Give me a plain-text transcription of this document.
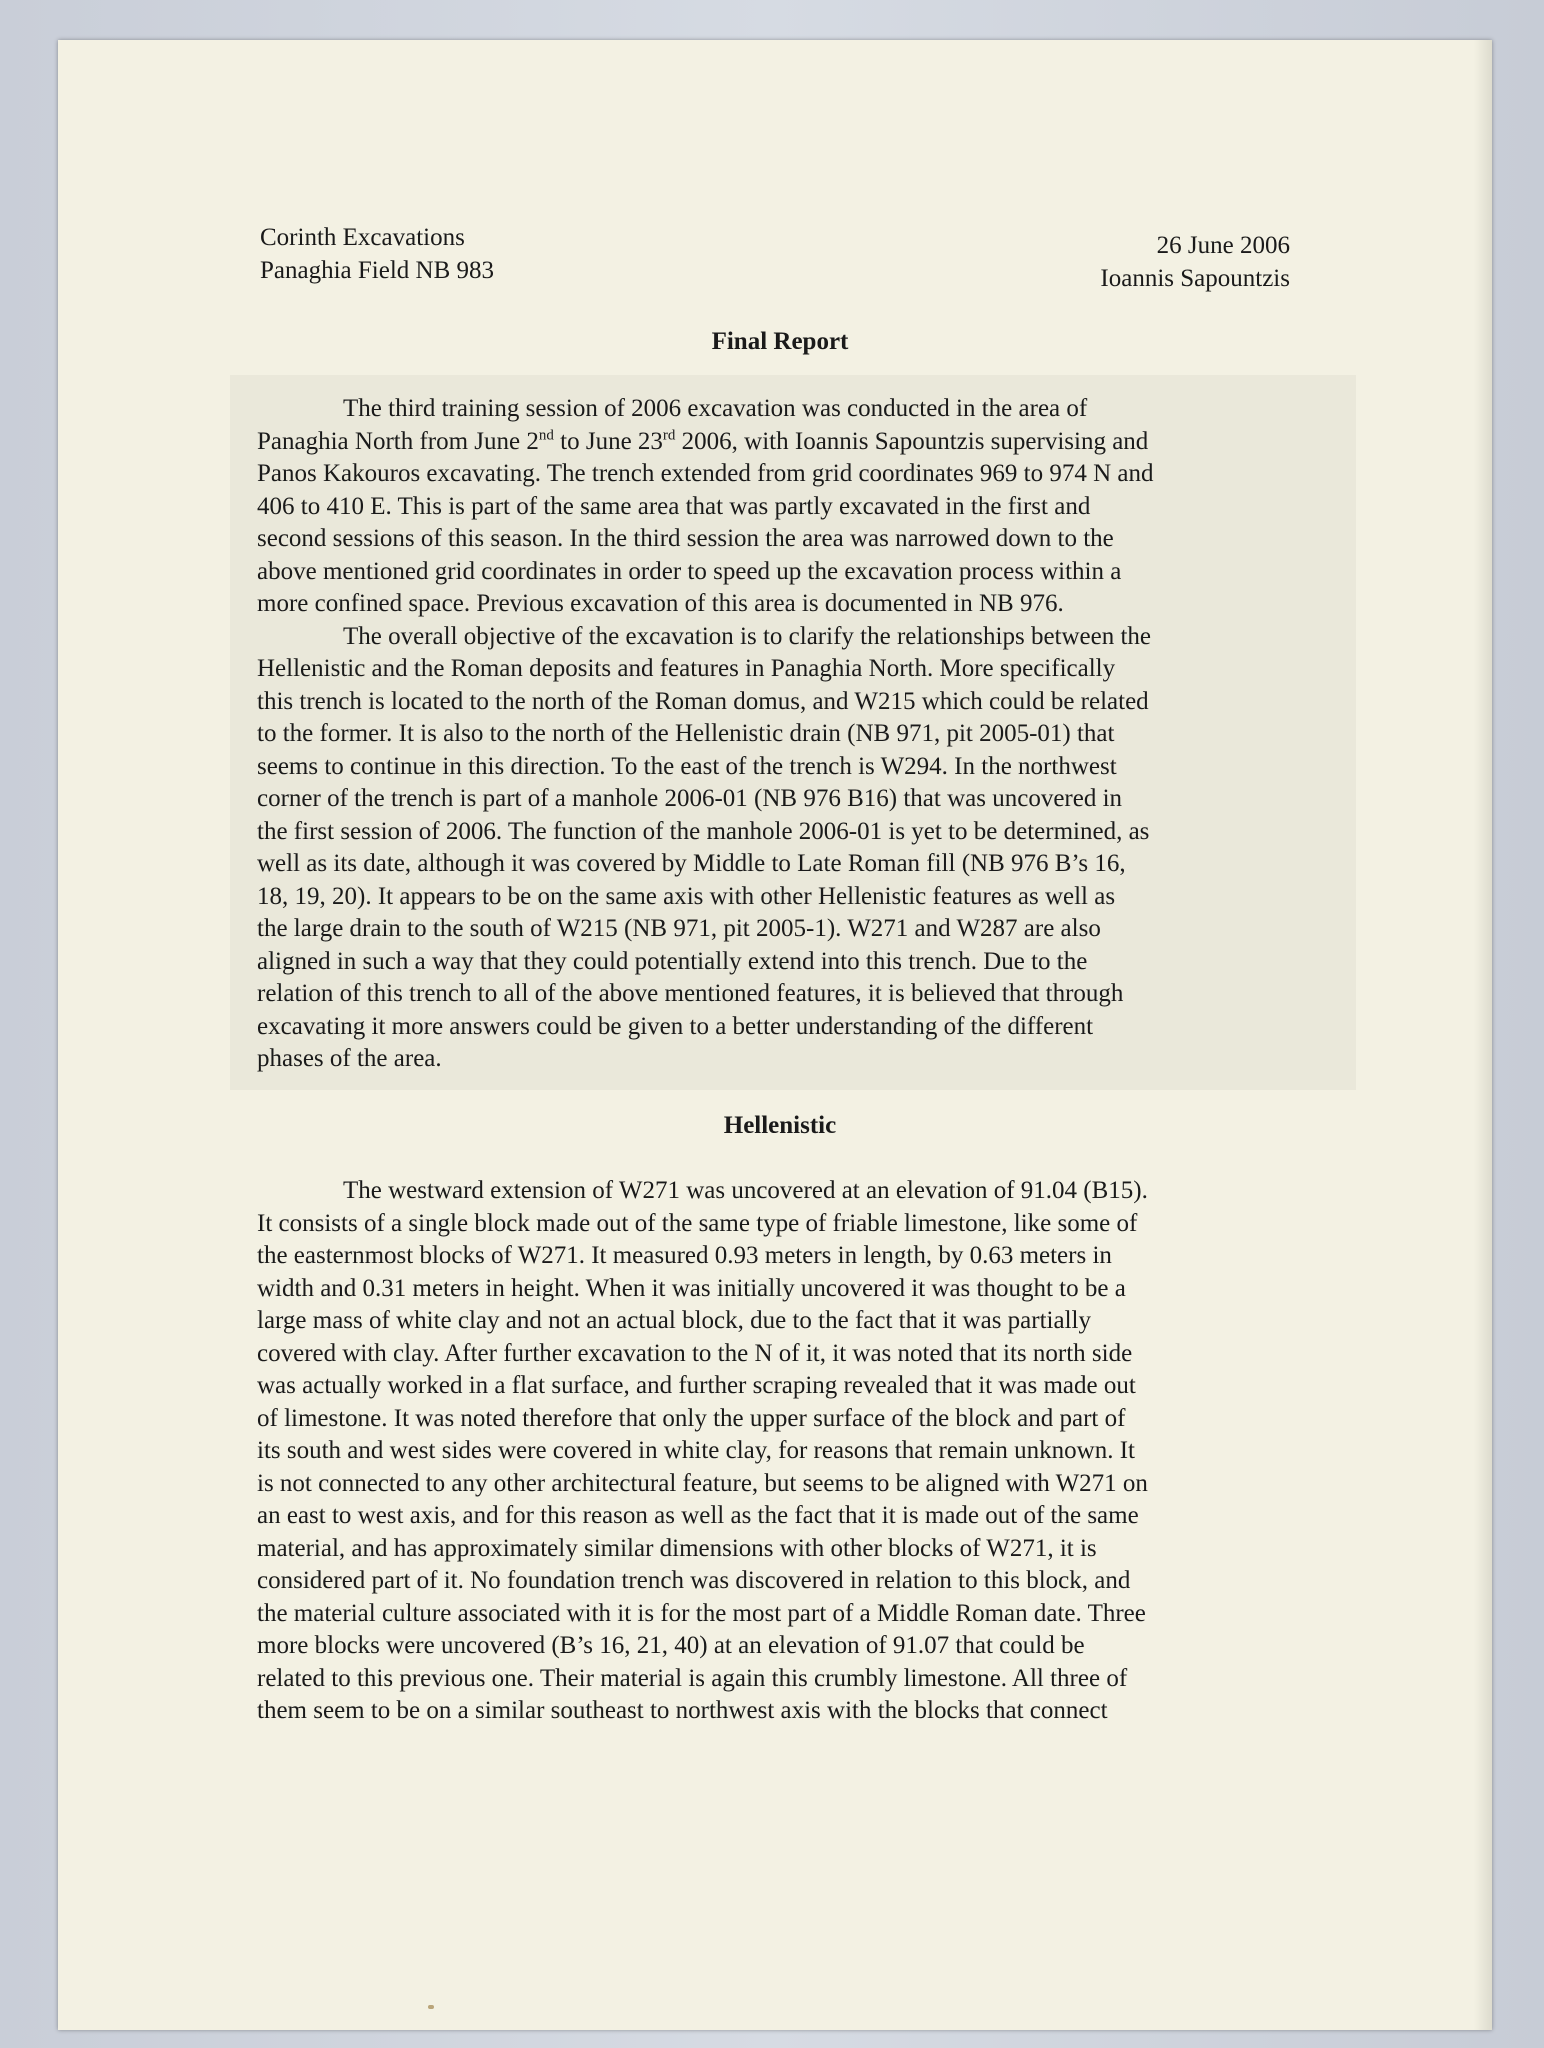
Corinth Excavations
Panaghia Field NB 983
26 June 2006
Ioannis Sapountzis
Final Report
The third training session of 2006 excavation was conducted in the area of
Panaghia North from June 2nd to June 23rd 2006, with Ioannis Sapountzis supervising and
Panos Kakouros excavating. The trench extended from grid coordinates 969 to 974 N and
406 to 410 E. This is part of the same area that was partly excavated in the first and
second sessions of this season. In the third session the area was narrowed down to the
above mentioned grid coordinates in order to speed up the excavation process within a
more confined space. Previous excavation of this area is documented in NB 976.
The overall objective of the excavation is to clarify the relationships between the
Hellenistic and the Roman deposits and features in Panaghia North. More specifically
this trench is located to the north of the Roman domus, and W215 which could be related
to the former. It is also to the north of the Hellenistic drain (NB 971, pit 2005-01) that
seems to continue in this direction. To the east of the trench is W294. In the northwest
corner of the trench is part of a manhole 2006-01 (NB 976 B16) that was uncovered in
the first session of 2006. The function of the manhole 2006-01 is yet to be determined, as
well as its date, although it was covered by Middle to Late Roman fill (NB 976 B’s 16,
18, 19, 20). It appears to be on the same axis with other Hellenistic features as well as
the large drain to the south of W215 (NB 971, pit 2005-1). W271 and W287 are also
aligned in such a way that they could potentially extend into this trench. Due to the
relation of this trench to all of the above mentioned features, it is believed that through
excavating it more answers could be given to a better understanding of the different
phases of the area.
Hellenistic
The westward extension of W271 was uncovered at an elevation of 91.04 (B15).
It consists of a single block made out of the same type of friable limestone, like some of
the easternmost blocks of W271. It measured 0.93 meters in length, by 0.63 meters in
width and 0.31 meters in height. When it was initially uncovered it was thought to be a
large mass of white clay and not an actual block, due to the fact that it was partially
covered with clay. After further excavation to the N of it, it was noted that its north side
was actually worked in a flat surface, and further scraping revealed that it was made out
of limestone. It was noted therefore that only the upper surface of the block and part of
its south and west sides were covered in white clay, for reasons that remain unknown. It
is not connected to any other architectural feature, but seems to be aligned with W271 on
an east to west axis, and for this reason as well as the fact that it is made out of the same
material, and has approximately similar dimensions with other blocks of W271, it is
considered part of it. No foundation trench was discovered in relation to this block, and
the material culture associated with it is for the most part of a Middle Roman date. Three
more blocks were uncovered (B’s 16, 21, 40) at an elevation of 91.07 that could be
related to this previous one. Their material is again this crumbly limestone. All three of
them seem to be on a similar southeast to northwest axis with the blocks that connect
